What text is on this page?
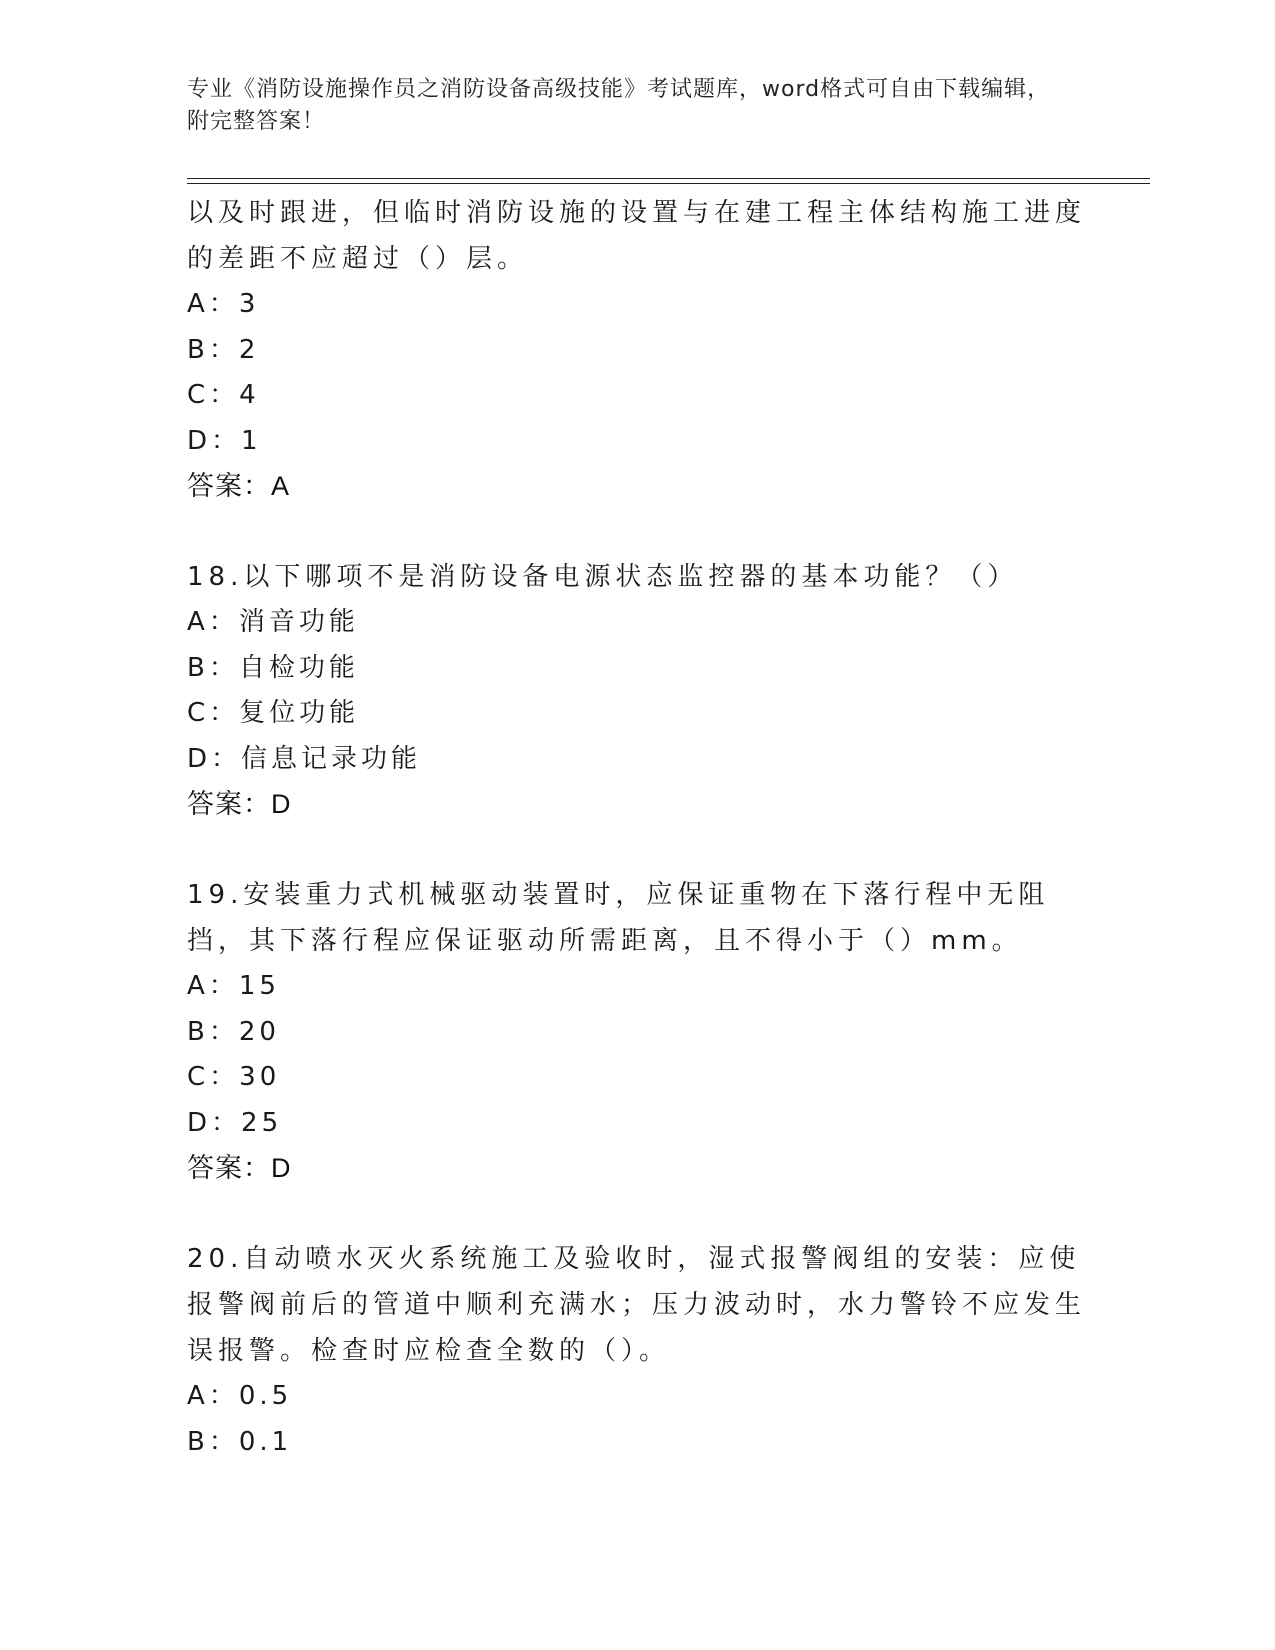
专业《消防设施操作员之消防设备高级技能》考试题库，word格式可自由下载编辑，附完整答案！

以及时跟进，但临时消防设施的设置与在建工程主体结构施工进度的差距不应超过（）层。

A：3
B：2
C：4
D：1
答案：A

18.以下哪项不是消防设备电源状态监控器的基本功能？（）

A：消音功能
B：自检功能
C：复位功能
D：信息记录功能
答案：D

19.安装重力式机械驱动装置时，应保证重物在下落行程中无阻挡，其下落行程应保证驱动所需距离，且不得小于（）mm。

A：15
B：20
C：30
D：25
答案：D

20.自动喷水灭火系统施工及验收时，湿式报警阀组的安装：应使报警阀前后的管道中顺利充满水；压力波动时，水力警铃不应发生误报警。检查时应检查全数的（）。

A：0.5
B：0.1
